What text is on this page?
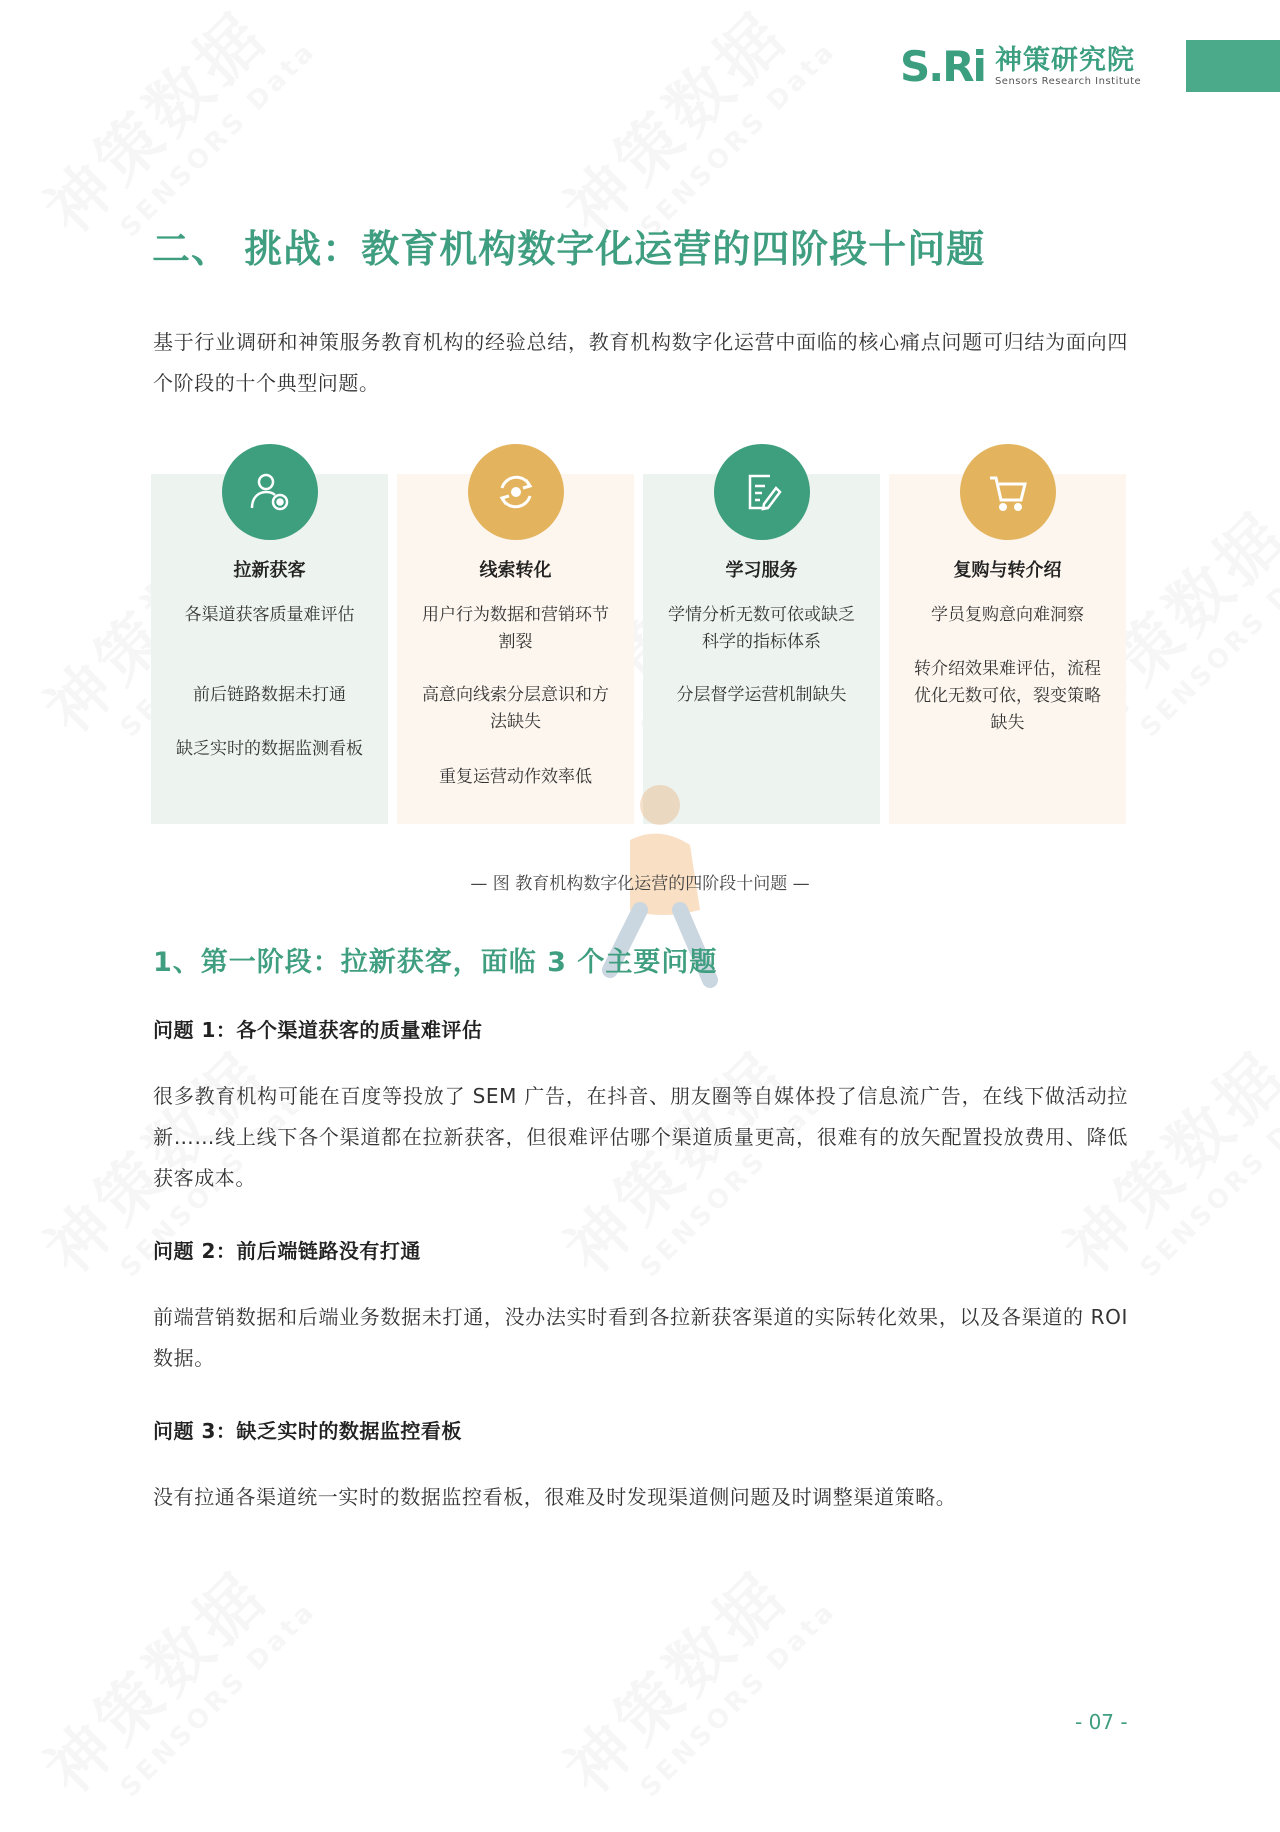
S.Ri 神策研究院
Sensors Research Institute
二、 挑战：教育机构数字化运营的四阶段十问题
基于行业调研和神策服务教育机构的经验总结，教育机构数字化运营中面临的核心痛点问题可归结为面向四个阶段的十个典型问题。
拉新获客
各渠道获客质量难评估
前后链路数据未打通
缺乏实时的数据监测看板
线索转化
用户行为数据和营销环节割裂
高意向线索分层意识和方法缺失
重复运营动作效率低
学习服务
学情分析无数可依或缺乏科学的指标体系
分层督学运营机制缺失
复购与转介绍
学员复购意向难洞察
转介绍效果难评估，流程优化无数可依，裂变策略缺失
— 图 教育机构数字化运营的四阶段十问题 —
1、第一阶段：拉新获客，面临 3 个主要问题
问题 1：各个渠道获客的质量难评估
很多教育机构可能在百度等投放了 SEM 广告，在抖音、朋友圈等自媒体投了信息流广告，在线下做活动拉新……线上线下各个渠道都在拉新获客，但很难评估哪个渠道质量更高，很难有的放矢配置投放费用、降低获客成本。
问题 2：前后端链路没有打通
前端营销数据和后端业务数据未打通，没办法实时看到各拉新获客渠道的实际转化效果，以及各渠道的 ROI 数据。
问题 3：缺乏实时的数据监控看板
没有拉通各渠道统一实时的数据监控看板，很难及时发现渠道侧问题及时调整渠道策略。
- 07 -
